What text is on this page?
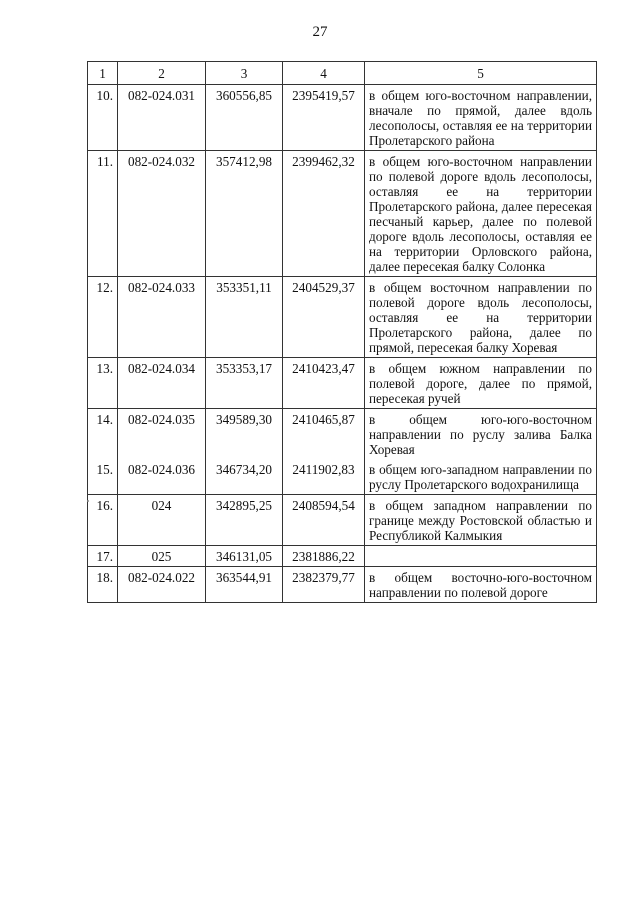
27
1	2	3	4	5
10.	082-024.031	360556,85	2395419,57	в общем юго-восточном направлении, вначале по прямой, далее вдоль лесополосы, оставляя ее на территории Пролетарского района
11.	082-024.032	357412,98	2399462,32	в общем юго-восточном направлении по полевой дороге вдоль лесополосы, оставляя ее на территории Пролетарского района, далее пересекая песчаный карьер, далее по полевой дороге вдоль лесополосы, оставляя ее на территории Орловского района, далее пересекая балку Солонка
12.	082-024.033	353351,11	2404529,37	в общем восточном направлении по полевой дороге вдоль лесополосы, оставляя ее на территории Пролетарского района, далее по прямой, пересекая балку Хоревая
13.	082-024.034	353353,17	2410423,47	в общем южном направлении по полевой дороге, далее по прямой, пересекая ручей
14.	082-024.035	349589,30	2410465,87	в общем юго-юго-восточном направлении по руслу залива Балка Хоревая
15.	082-024.036	346734,20	2411902,83	в общем юго-западном направлении по руслу Пролетарского водохранилища
16.	024	342895,25	2408594,54	в общем западном направлении по границе между Ростовской областью и Республикой Калмыкия
17.	025	346131,05	2381886,22	
18.	082-024.022	363544,91	2382379,77	в общем восточно-юго-восточном направлении по полевой дороге
